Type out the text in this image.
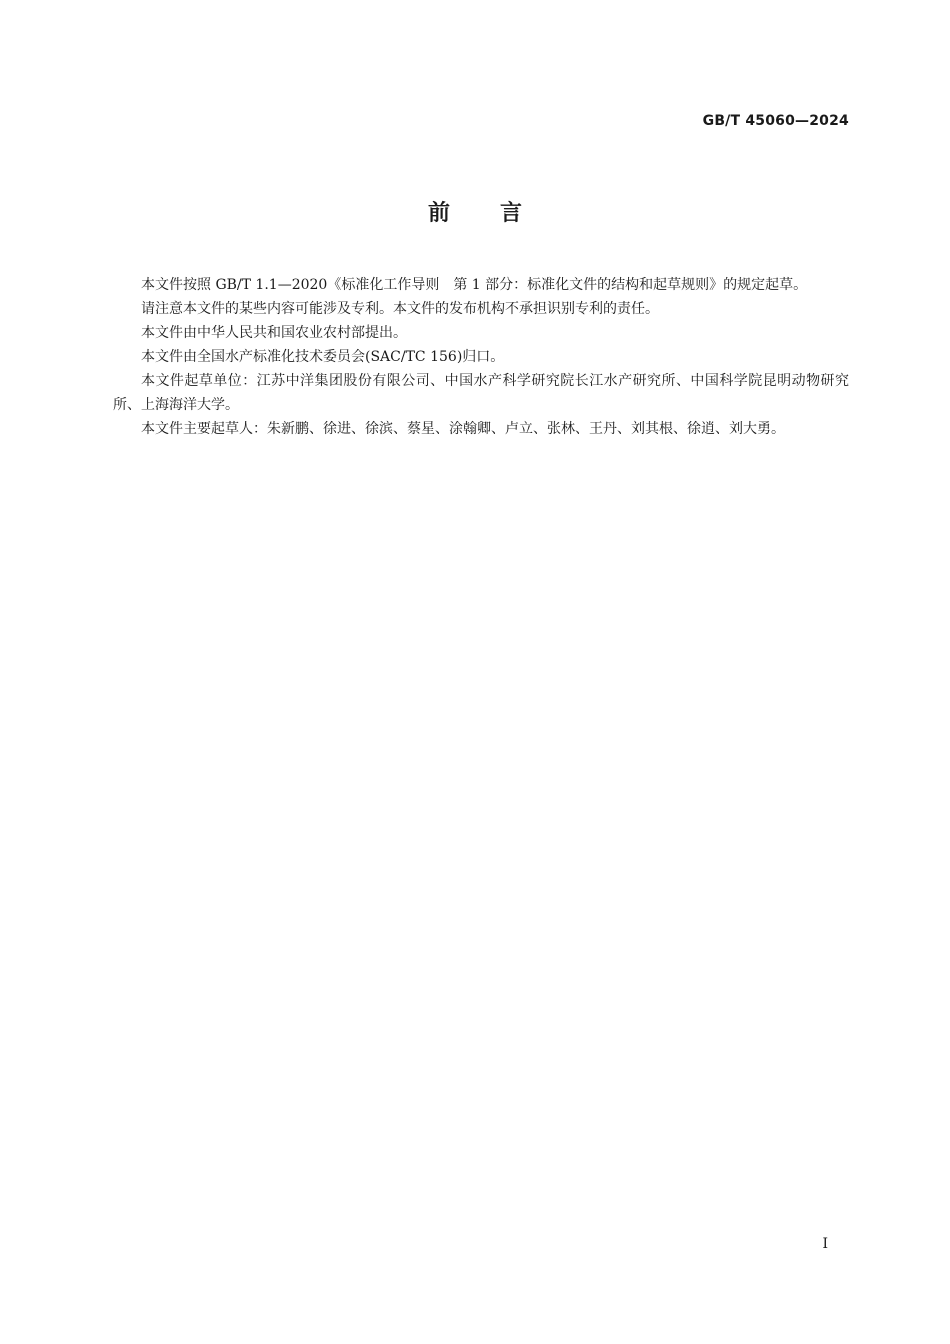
GB/T 45060—2024
前 言

本文件按照 GB/T 1.1—2020《标准化工作导则　第 1 部分：标准化文件的结构和起草规则》的规定起草。

请注意本文件的某些内容可能涉及专利。本文件的发布机构不承担识别专利的责任。

本文件由中华人民共和国农业农村部提出。

本文件由全国水产标准化技术委员会(SAC/TC 156)归口。

本文件起草单位：江苏中洋集团股份有限公司、中国水产科学研究院长江水产研究所、中国科学院昆明动物研究所、上海海洋大学。

本文件主要起草人：朱新鹏、徐进、徐滨、蔡星、涂翰卿、卢立、张林、王丹、刘其根、徐逍、刘大勇。

I
